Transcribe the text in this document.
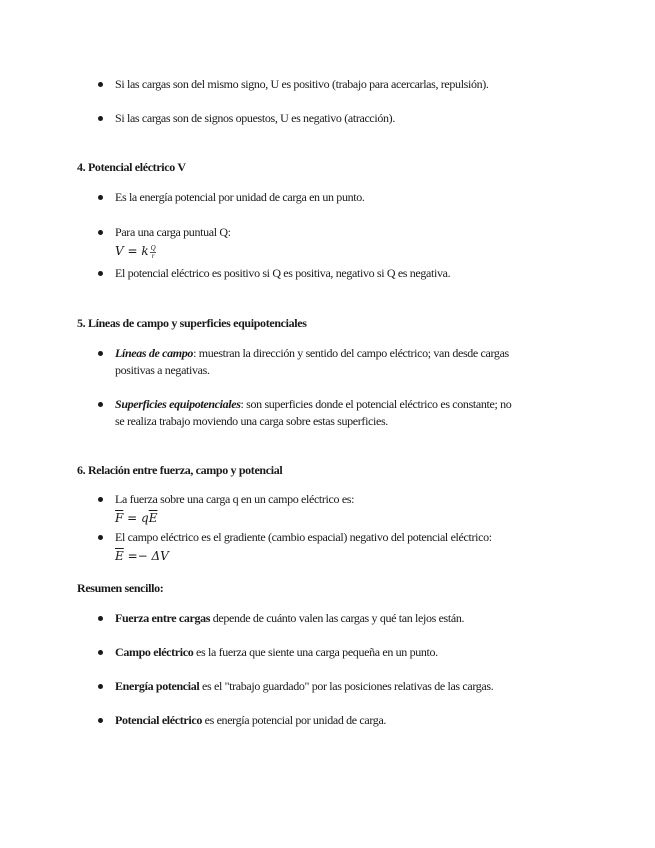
Si las cargas son del mismo signo, U es positivo (trabajo para acercarlas, repulsión).
Si las cargas son de signos opuestos, U es negativo (atracción).
4. Potencial eléctrico V
Es la energía potencial por unidad de carga en un punto.
Para una carga puntual Q:
V = k $\frac{Q}{r}$
El potencial eléctrico es positivo si Q es positiva, negativo si Q es negativa.
5. Líneas de campo y superficies equipotenciales
Líneas de campo: muestran la dirección y sentido del campo eléctrico; van desde cargas
positivas a negativas.
Superficies equipotenciales: son superficies donde el potencial eléctrico es constante; no
se realiza trabajo moviendo una carga sobre estas superficies.
6. Relación entre fuerza, campo y potencial
La fuerza sobre una carga q en un campo eléctrico es:
$\overline{F} = q\overline{E}$
El campo eléctrico es el gradiente (cambio espacial) negativo del potencial eléctrico:
$\overline{E} =- \Delta V$
Resumen sencillo:
Fuerza entre cargas depende de cuánto valen las cargas y qué tan lejos están.
Campo eléctrico es la fuerza que siente una carga pequeña en un punto.
Energía potencial es el "trabajo guardado" por las posiciones relativas de las cargas.
Potencial eléctrico es energía potencial por unidad de carga.
